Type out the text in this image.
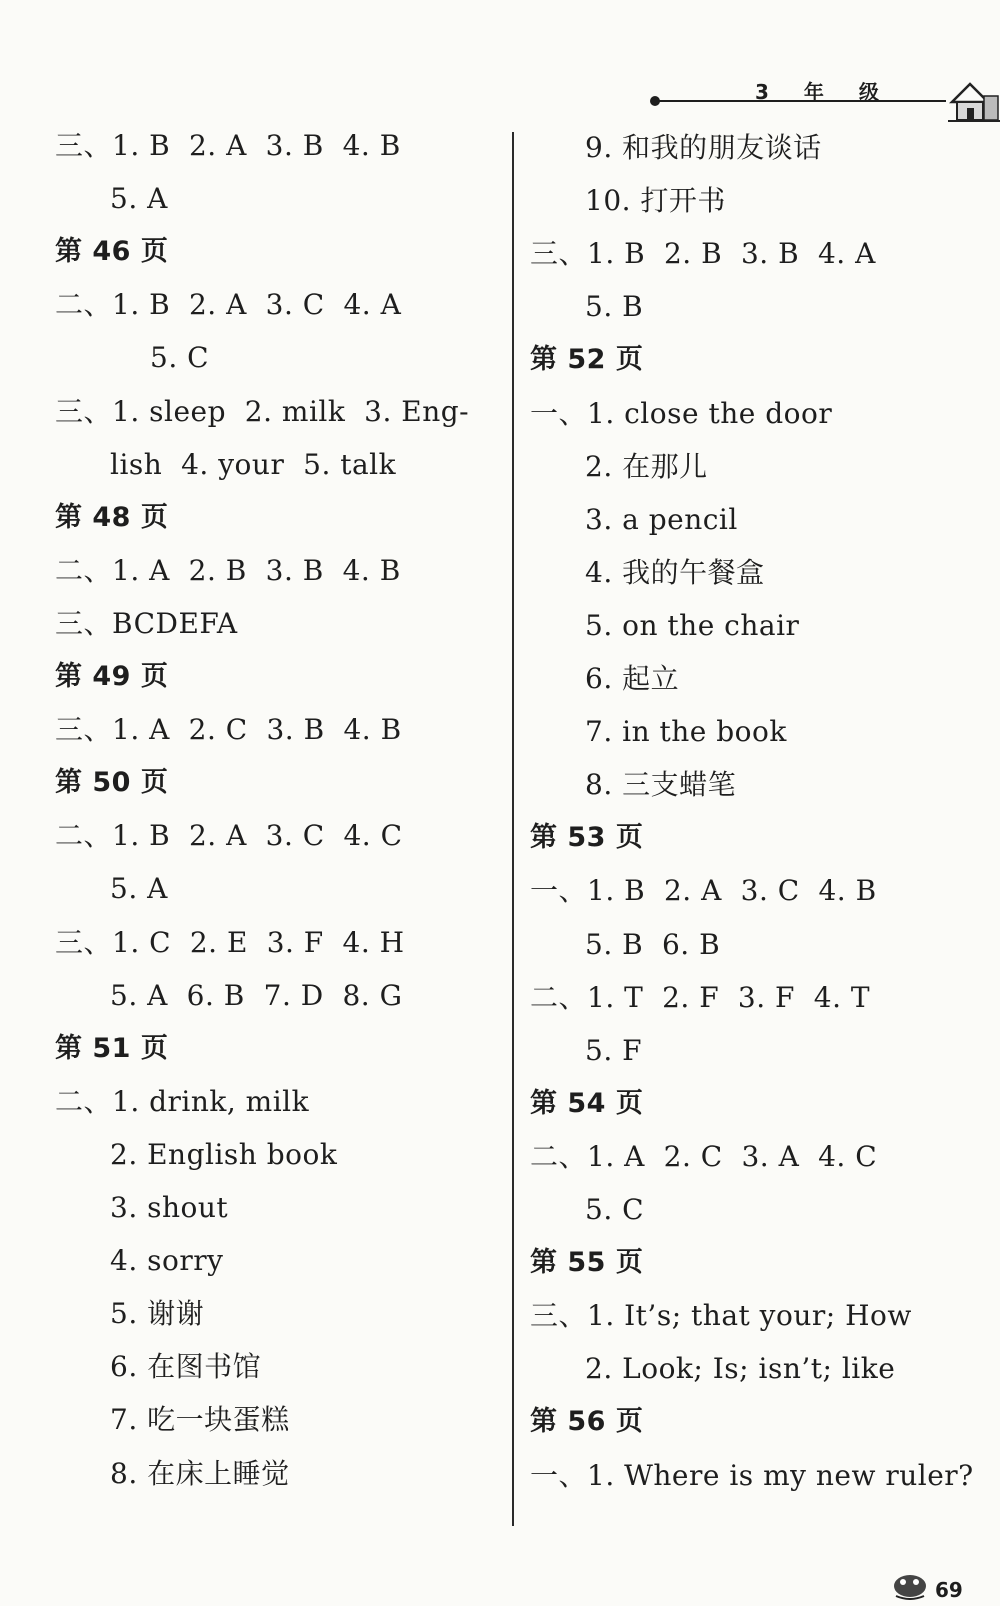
3 年 级
三、1. B  2. A  3. B  4. B
5. A
第 46 页
二、1. B  2. A  3. C  4. A
5. C
三、1. sleep  2. milk  3. Eng-
lish  4. your  5. talk
第 48 页
二、1. A  2. B  3. B  4. B
三、BCDEFA
第 49 页
三、1. A  2. C  3. B  4. B
第 50 页
二、1. B  2. A  3. C  4. C
5. A
三、1. C  2. E  3. F  4. H
5. A  6. B  7. D  8. G
第 51 页
二、1. drink, milk
2. English book
3. shout
4. sorry
5. 谢谢
6. 在图书馆
7. 吃一块蛋糕
8. 在床上睡觉
9. 和我的朋友谈话
10. 打开书
三、1. B  2. B  3. B  4. A
5. B
第 52 页
一、1. close the door
2. 在那儿
3. a pencil
4. 我的午餐盒
5. on the chair
6. 起立
7. in the book
8. 三支蜡笔
第 53 页
一、1. B  2. A  3. C  4. B
5. B  6. B
二、1. T  2. F  3. F  4. T
5. F
第 54 页
二、1. A  2. C  3. A  4. C
5. C
第 55 页
三、1. It’s; that your; How
2. Look; Is; isn’t; like
第 56 页
一、1. Where is my new ruler?
69
